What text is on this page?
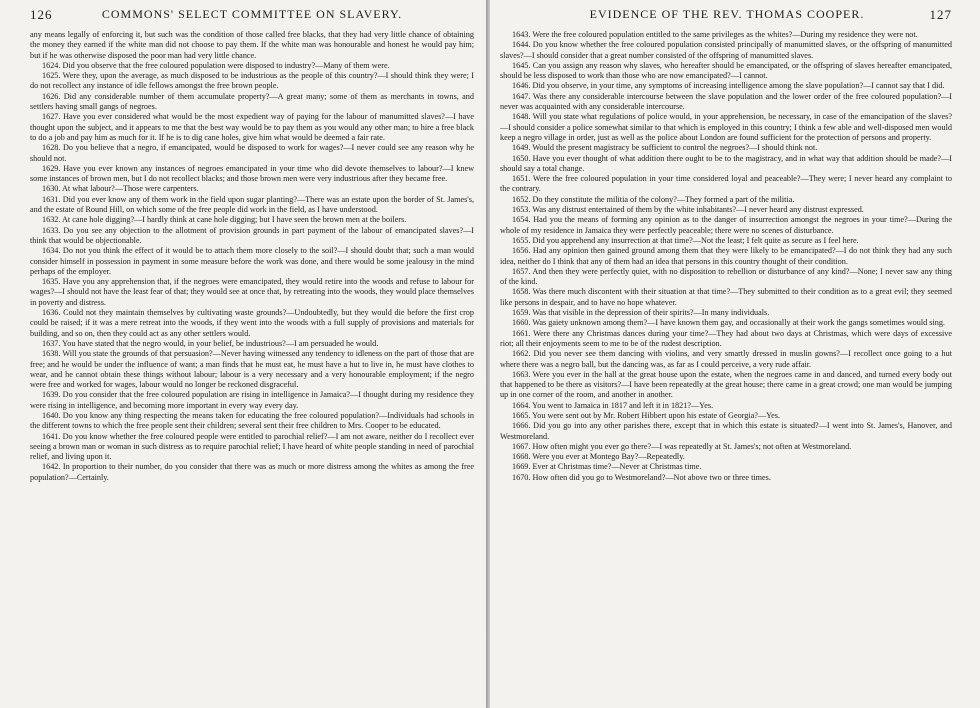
126	COMMONS' SELECT COMMITTEE ON SLAVERY.

any means legally of enforcing it, but such was the condition of those called free blacks, that they had very little chance of obtaining the money they earned if the white man did not choose to pay them. If the white man was honourable and honest he would pay him; but if he was otherwise disposed the poor man had very little chance.

1624. Did you observe that the free coloured population were disposed to industry?—Many of them were.

1625. Were they, upon the average, as much disposed to be industrious as the people of this country?—I should think they were; I do not recollect any instance of idle fellows amongst the free brown people.

1626. Did any considerable number of them accumulate property?—A great many; some of them as merchants in towns, and settlers having small gangs of negroes.

1627. Have you ever considered what would be the most expedient way of paying for the labour of manumitted slaves?—I have thought upon the subject, and it appears to me that the best way would be to pay them as you would any other man; to hire a free black to do a job and pay him as much for it. If he is to dig cane holes, give him what would be deemed a fair rate.

1628. Do you believe that a negro, if emancipated, would be disposed to work for wages?—I never could see any reason why he should not.

1629. Have you ever known any instances of negroes emancipated in your time who did devote themselves to labour?—I knew some instances of brown men, but I do not recollect blacks; and those brown men were very industrious after they became free.

1630. At what labour?—Those were carpenters.

1631. Did you ever know any of them work in the field upon sugar planting?—There was an estate upon the border of St. James's, and the estate of Round Hill, on which some of the free people did work in the field, as I have understood.

1632. At cane hole digging?—I hardly think at cane hole digging; but I have seen the brown men at the boilers.

1633. Do you see any objection to the allotment of provision grounds in part payment of the labour of emancipated slaves?—I think that would be objectionable.

1634. Do not you think the effect of it would be to attach them more closely to the soil?—I should doubt that; such a man would consider himself in possession in payment in some measure before the work was done, and there would be some jealousy in the mind perhaps of the employer.

1635. Have you any apprehension that, if the negroes were emancipated, they would retire into the woods and refuse to labour for wages?—I should not have the least fear of that; they would see at once that, by retreating into the woods, they would place themselves in poverty and distress.

1636. Could not they maintain themselves by cultivating waste grounds?—Undoubtedly, but they would die before the first crop could be raised; if it was a mere retreat into the woods, if they went into the woods with a full supply of provisions and materials for building, and so on, then they could act as any other settlers would.

1637. You have stated that the negro would, in your belief, be industrious?—I am persuaded he would.

1638. Will you state the grounds of that persuasion?—Never having witnessed any tendency to idleness on the part of those that are free; and he would be under the influence of want; a man finds that he must eat, he must have a hut to live in, he must have clothes to wear, and he cannot obtain these things without labour; labour is a very necessary and a very honourable employment; if the negro were free and worked for wages, labour would no longer be reckoned disgraceful.

1639. Do you consider that the free coloured population are rising in intelligence in Jamaica?—I thought during my residence they were rising in intelligence, and becoming more important in every way every day.

1640. Do you know any thing respecting the means taken for educating the free coloured population?—Individuals had schools in the different towns to which the free people sent their children; several sent their free children to Mrs. Cooper to be educated.

1641. Do you know whether the free coloured people were entitled to parochial relief?—I am not aware, neither do I recollect ever seeing a brown man or woman in such distress as to require parochial relief; I have heard of white people standing in need of parochial relief, and living upon it.

1642. In proportion to their number, do you consider that there was as much or more distress among the whites as among the free population?—Certainly.

EVIDENCE OF THE REV. THOMAS COOPER.	127

1643. Were the free coloured population entitled to the same privileges as the whites?—During my residence they were not.

1644. Do you know whether the free coloured population consisted principally of manumitted slaves, or the offspring of manumitted slaves?—I should consider that a great number consisted of the offspring of manumitted slaves.

1645. Can you assign any reason why slaves, who hereafter should be emancipated, or the offspring of slaves hereafter emancipated, should be less disposed to work than those who are now emancipated?—I cannot.

1646. Did you observe, in your time, any symptoms of increasing intelligence among the slave population?—I cannot say that I did.

1647. Was there any considerable intercourse between the slave population and the lower order of the free coloured population?—I never was acquainted with any considerable intercourse.

1648. Will you state what regulations of police would, in your apprehension, be necessary, in case of the emancipation of the slaves?—I should consider a police somewhat similar to that which is employed in this country; I think a few able and well-disposed men would keep a negro village in order, just as well as the police about London are found sufficient for the protection of persons and property.

1649. Would the present magistracy be sufficient to control the negroes?—I should think not.

1650. Have you ever thought of what addition there ought to be to the magistracy, and in what way that addition should be made?—I should say a total change.

1651. Were the free coloured population in your time considered loyal and peaceable?—They were; I never heard any complaint to the contrary.

1652. Do they constitute the militia of the colony?—They formed a part of the militia.

1653. Was any distrust entertained of them by the white inhabitants?—I never heard any distrust expressed.

1654. Had you the means of forming any opinion as to the danger of insurrection amongst the negroes in your time?—During the whole of my residence in Jamaica they were perfectly peaceable; there were no scenes of disturbance.

1655. Did you apprehend any insurrection at that time?—Not the least; I felt quite as secure as I feel here.

1656. Had any opinion then gained ground among them that they were likely to be emancipated?—I do not think they had any such idea, neither do I think that any of them had an idea that persons in this country thought of their condition.

1657. And then they were perfectly quiet, with no disposition to rebellion or disturbance of any kind?—None; I never saw any thing of the kind.

1658. Was there much discontent with their situation at that time?—They submitted to their condition as to a great evil; they seemed like persons in despair, and to have no hope whatever.

1659. Was that visible in the depression of their spirits?—In many individuals.

1660. Was gaiety unknown among them?—I have known them gay, and occasionally at their work the gangs sometimes would sing.

1661. Were there any Christmas dances during your time?—They had about two days at Christmas, which were days of excessive riot; all their enjoyments seem to me to be of the rudest description.

1662. Did you never see them dancing with violins, and very smartly dressed in muslin gowns?—I recollect once going to a hut where there was a negro ball, but the dancing was, as far as I could perceive, a very rude affair.

1663. Were you ever in the hall at the great house upon the estate, when the negroes came in and danced, and turned every body out that happened to be there as visitors?—I have been repeatedly at the great house; there came in a great crowd; one man would be jumping up in one corner of the room, and another in another.

1664. You went to Jamaica in 1817 and left it in 1821?—Yes.

1665. You were sent out by Mr. Robert Hibbert upon his estate of Georgia?—Yes.

1666. Did you go into any other parishes there, except that in which this estate is situated?—I went into St. James's, Hanover, and Westmoreland.

1667. How often might you ever go there?—I was repeatedly at St. James's; not often at Westmoreland.

1668. Were you ever at Montego Bay?—Repeatedly.

1669. Ever at Christmas time?—Never at Christmas time.

1670. How often did you go to Westmoreland?—Not above two or three times.
